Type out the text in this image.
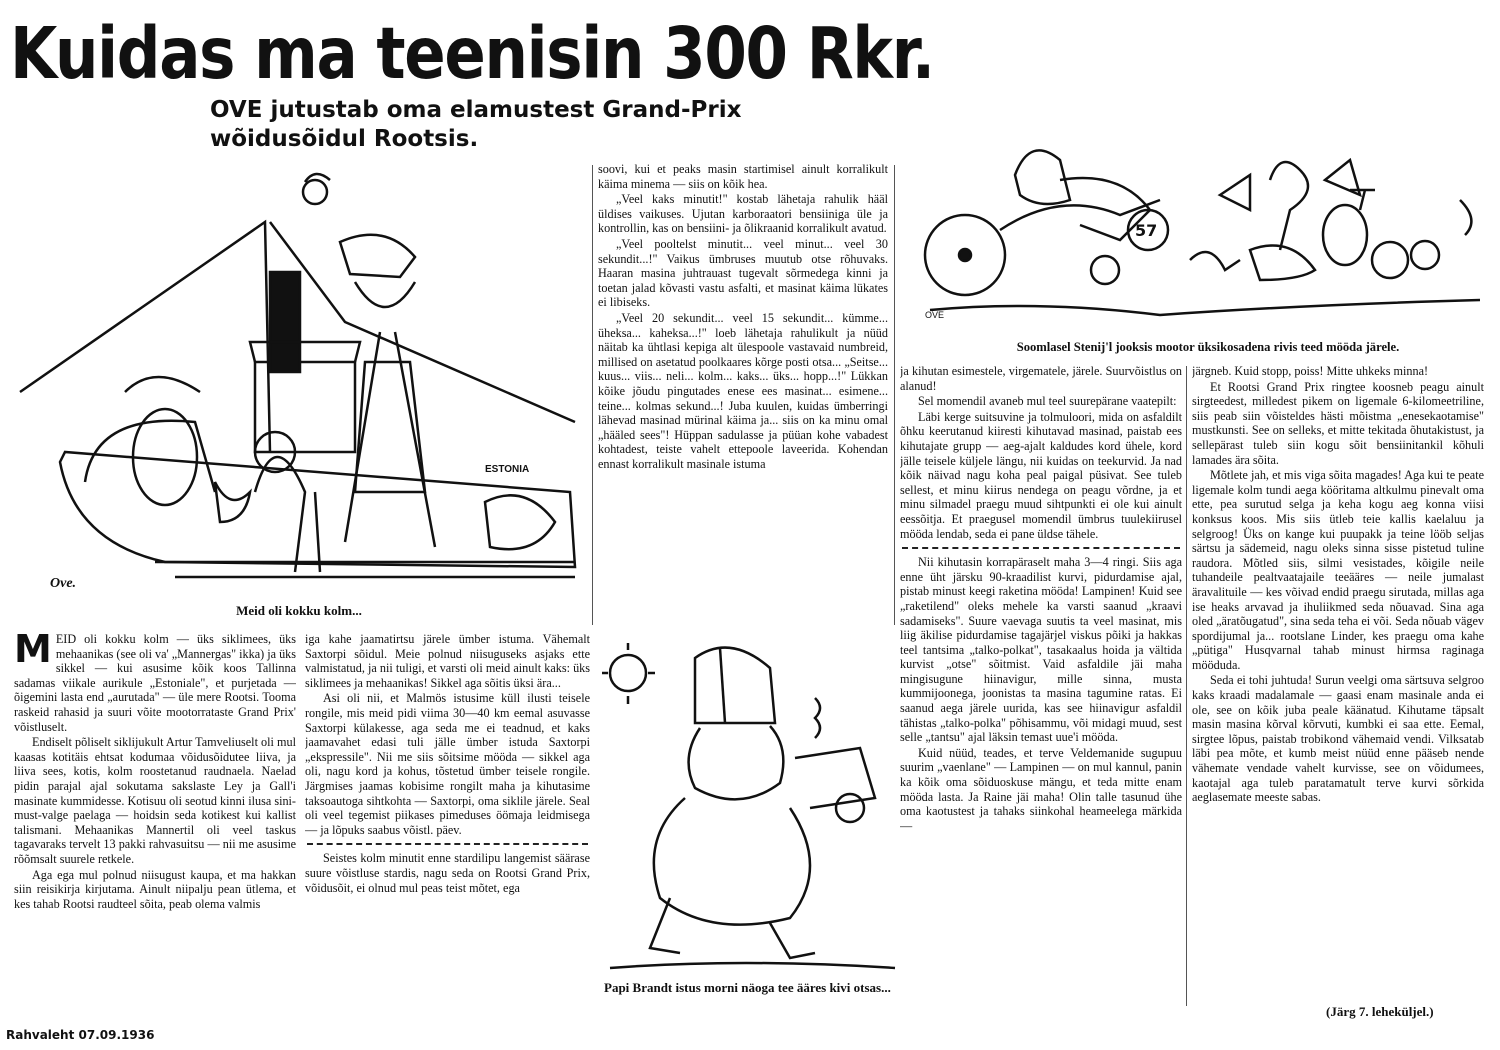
Kuidas ma teenisin 300 Rkr.
OVE jutustab oma elamustest Grand-Prix wõidusõidul Rootsis.
ESTONIA
Ove.
Meid oli kokku kolm...
57
OVE
Soomlasel Steniј'l jooksis mootor üksikosadena rivis teed mööda järele.
Papi Brandt istus morni näoga tee ääres kivi otsas...

MEID oli kokku kolm — üks siklimees, üks mehaanikas (see oli va' „Mannergas" ikka) ja üks sikkel — kui asusime kõik koos Tallinna sadamas viikale aurikule „Estoniale", et purjetada — õigemini lasta end „aurutada" — üle mere Rootsi. Tooma raskeid rahasid ja suuri võite mootorrataste Grand Prix' võistluselt.

Endiselt põliselt siklijukult Artur Tamveliuselt oli mul kaasas kotitäis ehtsat kodumaa võidusõidutee liiva, ja liiva sees, kotis, kolm roostetanud raudnaela. Naelad pidin parajal ajal sokutama sakslaste Ley ja Gall'i masinate kummidesse. Kotisuu oli seotud kinni ilusa sini-must-valge paelaga — hoidsin seda kotikest kui kallist talismani. Mehaanikas Mannertil oli veel taskus tagavaraks tervelt 13 pakki rahvasuitsu — nii me asusime rõõmsalt suurele retkele.

Aga ega mul polnud niisugust kaupa, et ma hakkan siin reisikirja kirjutama. Ainult niipalju pean ütlema, et kes tahab Rootsi raudteel sõita, peab olema valmis

iga kahe jaamatirtsu järele ümber istuma. Vähemalt Saxtorpi sõidul. Meie polnud niisuguseks asjaks ette valmistatud, ja nii tuligi, et varsti oli meid ainult kaks: üks siklimees ja mehaanikas! Sikkel aga sõitis üksi ära...

Asi oli nii, et Malmös istusime küll ilusti teisele rongile, mis meid pidi viima 30—40 km eemal asuvasse Saxtorpi külakesse, aga seda me ei teadnud, et kaks jaamavahet edasi tuli jälle ümber istuda Saxtorpi „ekspressile". Nii me siis sõitsime mööda — sikkel aga oli, nagu kord ja kohus, tõstetud ümber teisele rongile. Järgmises jaamas kobisime rongilt maha ja kihutasime taksoautoga sihtkohta — Saxtorpi, oma siklile järele. Seal oli veel tegemist piikases pimeduses öömaja leidmisega — ja lõpuks saabus võistl. päev.

Seistes kolm minutit enne stardilipu langemist säärase suure võistluse stardis, nagu seda on Rootsi Grand Prix, võidusõit, ei olnud mul peas teist mõtet, ega

soovi, kui et peaks masin startimisel ainult korralikult käima minema — siis on kõik hea.

„Veel kaks minutit!" kostab lähetaja rahulik hääl üldises vaikuses. Ujutan karboraatori bensiiniga üle ja kontrollin, kas on bensiini- ja õlikraanid korralikult avatud.

„Veel pooltelst minutit... veel minut... veel 30 sekundit...!" Vaikus ümbruses muutub otse rõhuvaks. Haaran masina juhtrauast tugevalt sõrmedega kinni ja toetan jalad kõvasti vastu asfalti, et masinat käima lükates ei libiseks.

„Veel 20 sekundit... veel 15 sekundit... kümme... üheksa... kaheksa...!" loeb lähetaja rahulikult ja nüüd näitab ka ühtlasi kepiga alt ülespoole vastavaid numbreid, millised on asetatud poolkaares kõrge posti otsa... „Seitse... kuus... viis... neli... kolm... kaks... üks... hopp...!" Lükkan kõike jõudu pingutades enese ees masinat... esimene... teine... kolmas sekund...! Juba kuulen, kuidas ümberringi lähevad masinad mürinal käima ja... siis on ka minu omal „hääled sees"! Hüppan sadulasse ja püüan kohe vabadest kohtadest, teiste vahelt ettepoole laveerida. Kohendan ennast korralikult masinale istuma

ja kihutan esimestele, virgematele, järele. Suurvõistlus on alanud!

Sel momendil avaneb mul teel suurepärane vaatepilt:

Läbi kerge suitsuvine ja tolmuloori, mida on asfaldilt õhku keerutanud kiiresti kihutavad masinad, paistab ees kihutajate grupp — aeg-ajalt kaldudes kord ühele, kord jälle teisele küljele längu, nii kuidas on teekurvid. Ja nad kõik näivad nagu koha peal paigal püsivat. See tuleb sellest, et minu kiirus nendega on peagu võrdne, ja et minu silmadel praegu muud sihtpunkti ei ole kui ainult eessõitja. Et praegusel momendil ümbrus tuulekiirusel mööda lendab, seda ei pane üldse tähele.

Nii kihutasin korrapäraselt maha 3—4 ringi. Siis aga enne üht järsku 90-kraadilist kurvi, pidurdamise ajal, pistab minust keegi raketina mööda! Lampinen! Kuid see „raketilend" oleks mehele ka varsti saanud „kraavi sadamiseks". Suure vaevaga suutis ta veel masinat, mis liig äkilise pidurdamise tagajärjel viskus põiki ja hakkas teel tantsima „talko-polkat", tasakaalus hoida ja vältida kurvist „otse" sõitmist. Vaid asfaldile jäi maha mingisugune hiinavigur, mille sinna, musta kummijoonega, joonistas ta masina tagumine ratas. Ei saanud aega järele uurida, kas see hiinavigur asfaldil tähistas „talko-polka" põhisammu, või midagi muud, sest selle „tantsu" ajal läksin temast uue'i mööda.

Kuid nüüd, teades, et terve Veldemanide sugupuu suurim „vaenlane" — Lampinen — on mul kannul, panin ka kõik oma sõiduoskuse mängu, et teda mitte enam mööda lasta. Ja Raine jäi maha! Olin talle tasunud ühe oma kaotustest ja tahaks siinkohal heameelega märkida —

järgneb. Kuid stopp, poiss! Mitte uhkeks minna!

Et Rootsi Grand Prix ringtee koosneb peagu ainult sirgteedest, milledest pikem on ligemale 6-kilomeetriline, siis peab siin võisteldes hästi mõistma „enesekaotamise" mustkunsti. See on selleks, et mitte tekitada õhutakistust, ja sellepärast tuleb siin kogu sõit bensiinitankil kõhuli lamades ära sõita.

Mõtlete jah, et mis viga sõita magades! Aga kui te peate ligemale kolm tundi aega kööritama altkulmu pinevalt oma ette, pea surutud selga ja keha kogu aeg konna viisi konksus koos. Mis siis ütleb teie kallis kaelaluu ja selgroog! Üks on kange kui puupakk ja teine lööb seljas särtsu ja sädemeid, nagu oleks sinna sisse pistetud tuline raudora. Mõtled siis, silmi vesistades, kõigile neile tuhandeile pealtvaatajaile teeääres — neile jumalast äravalituile — kes võivad endid praegu sirutada, millas aga ise heaks arvavad ja ihuliikmed seda nõuavad. Sina aga oled „äratõugatud", sina seda teha ei või. Seda nõuab vägev spordijumal ja... rootslane Linder, kes praegu oma kahe „pütiga" Husqvarnal tahab minust hirmsa raginaga mööduda.

Seda ei tohi juhtuda! Surun veelgi oma särtsuva selgroo kaks kraadi madalamale — gaasi enam masinale anda ei ole, see on kõik juba peale käänatud. Kihutame täpsalt masin masina kõrval kõrvuti, kumbki ei saa ette. Eemal, sirgtee lõpus, paistab trobikond vähemaid vendi. Vilksatab läbi pea mõte, et kumb meist nüüd enne pääseb nende vähemate vendade vahelt kurvisse, see on võidumees, kaotajal aga tuleb paratamatult terve kurvi sõrkida aeglasemate meeste sabas.

(Järg 7. leheküljel.)
Rahvaleht 07.09.1936
